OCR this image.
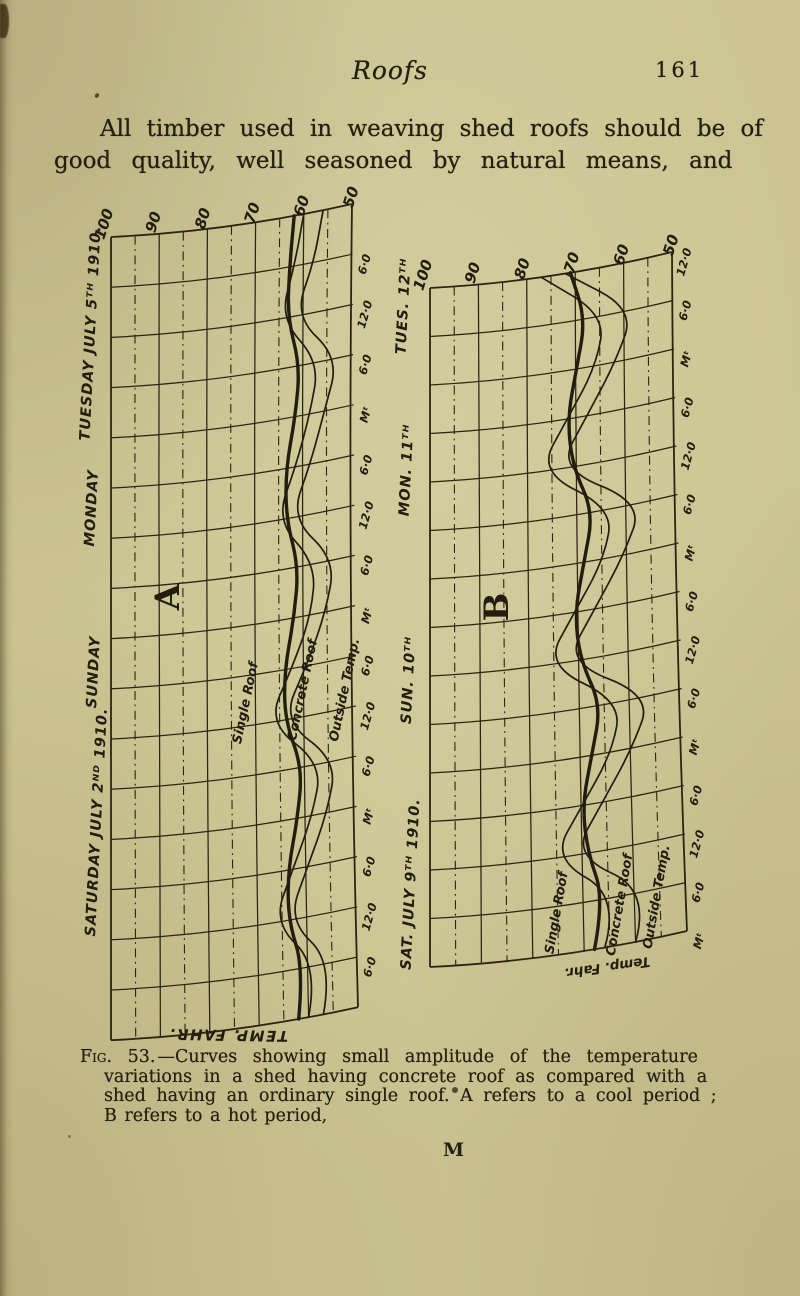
Roofs	161
All timber used in weaving shed roofs should be of
good quality, well seasoned by natural means, and
100 90 80 70 60 50
6·0
12·0
6·0
Mᵗ
6·0
12·0
6·0
Mᵗ
6·0
12·0
6·0
Mᵗ
6·0
12·0
6·0
TUESDAY JULY 5ᵀᴴ 1910.
MONDAY
SUNDAY
SATURDAY JULY 2ᴺᴰ 1910.
Single Roof Concrete Roof Outside Temp.
A
TEMP. FAHR.
100 90 80 70 60 50
12·0
6·0
Mᵗ
6·0
12·0
6·0
Mᵗ
6·0
12·0
6·0
Mᵗ
6·0
12·0
6·0
Mᵗ
TUES. 12ᵀᴴ
MON. 11ᵀᴴ
SUN. 10ᵀᴴ
SAT. JULY 9ᵀᴴ 1910.	Single Roof Concrete Roof Outside Temp.
B
Temp. Fahr.
Fig. 53. —Curves showing small amplitude of the temperature
variations in a shed having concrete roof as compared with a
shed having an ordinary single roof. A refers to a cool period ;
B refers to a hot period,
M
